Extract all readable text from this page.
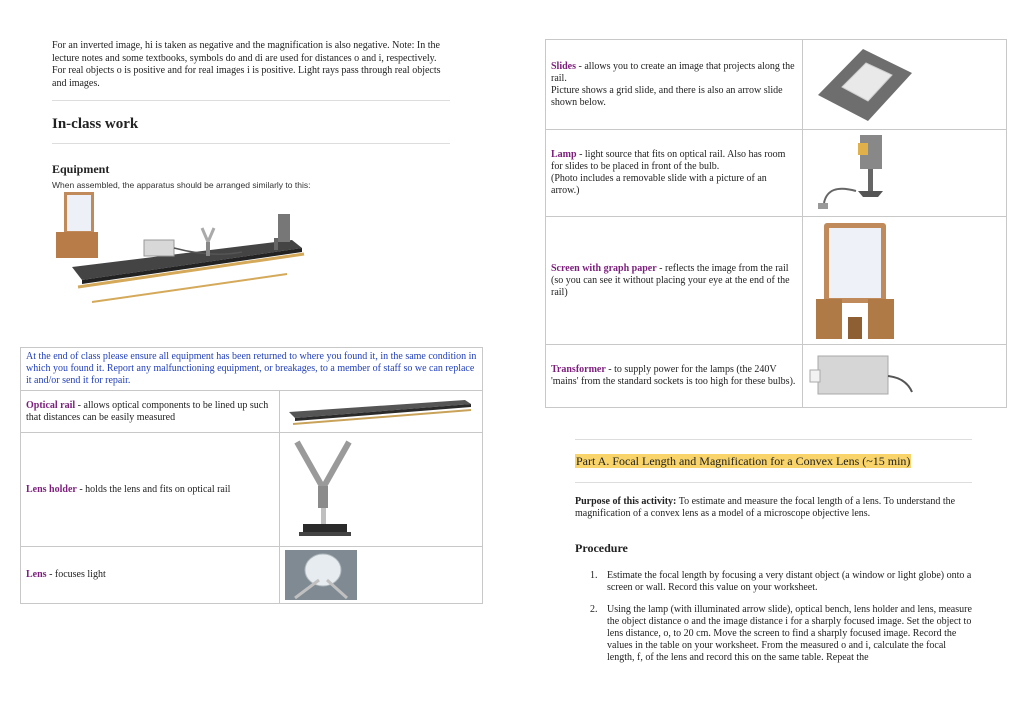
For an inverted image, hi is taken as negative and the magnification is also negative. Note: In the lecture notes and some textbooks, symbols do and di are used for distances o and i, respectively. For real objects o is positive and for real images i is positive. Light rays pass through real objects and images.
In-class work
Equipment
When assembled, the apparatus should be arranged similarly to this:
At the end of class please ensure all equipment has been returned to where you found it, in the same condition in which you found it. Report any malfunctioning equipment, or breakages, to a member of staff so we can replace it and/or send it for repair.	
Optical rail - allows optical components to be lined up such that distances can be easily measured	

Lens holder - holds the lens and fits on optical rail	

Lens - focuses light	
Slides - allows you to create an image that projects along the rail.
Picture shows a grid slide, and there is also an arrow slide shown below.	

Lamp - light source that fits on optical rail. Also has room for slides to be placed in front of the bulb.
(Photo includes a removable slide with a picture of an arrow.)	

Screen with graph paper - reflects the image from the rail (so you can see it without placing your eye at the end of the rail)	

Transformer - to supply power for the lamps (the 240V 'mains' from the standard sockets is too high for these bulbs).	
Part A. Focal Length and Magnification for a Convex Lens (~15 min)
Purpose of this activity: To estimate and measure the focal length of a lens. To understand the magnification of a convex lens as a model of a microscope objective lens.
Procedure
1. Estimate the focal length by focusing a very distant object (a window or light globe) onto a screen or wall. Record this value on your worksheet.
2. Using the lamp (with illuminated arrow slide), optical bench, lens holder and lens, measure the object distance o and the image distance i for a sharply focused image. Set the object to lens distance, o, to 20 cm. Move the screen to find a sharply focused image. Record the values in the table on your worksheet. From the measured o and i, calculate the focal length, f, of the lens and record this on the same table. Repeat the
